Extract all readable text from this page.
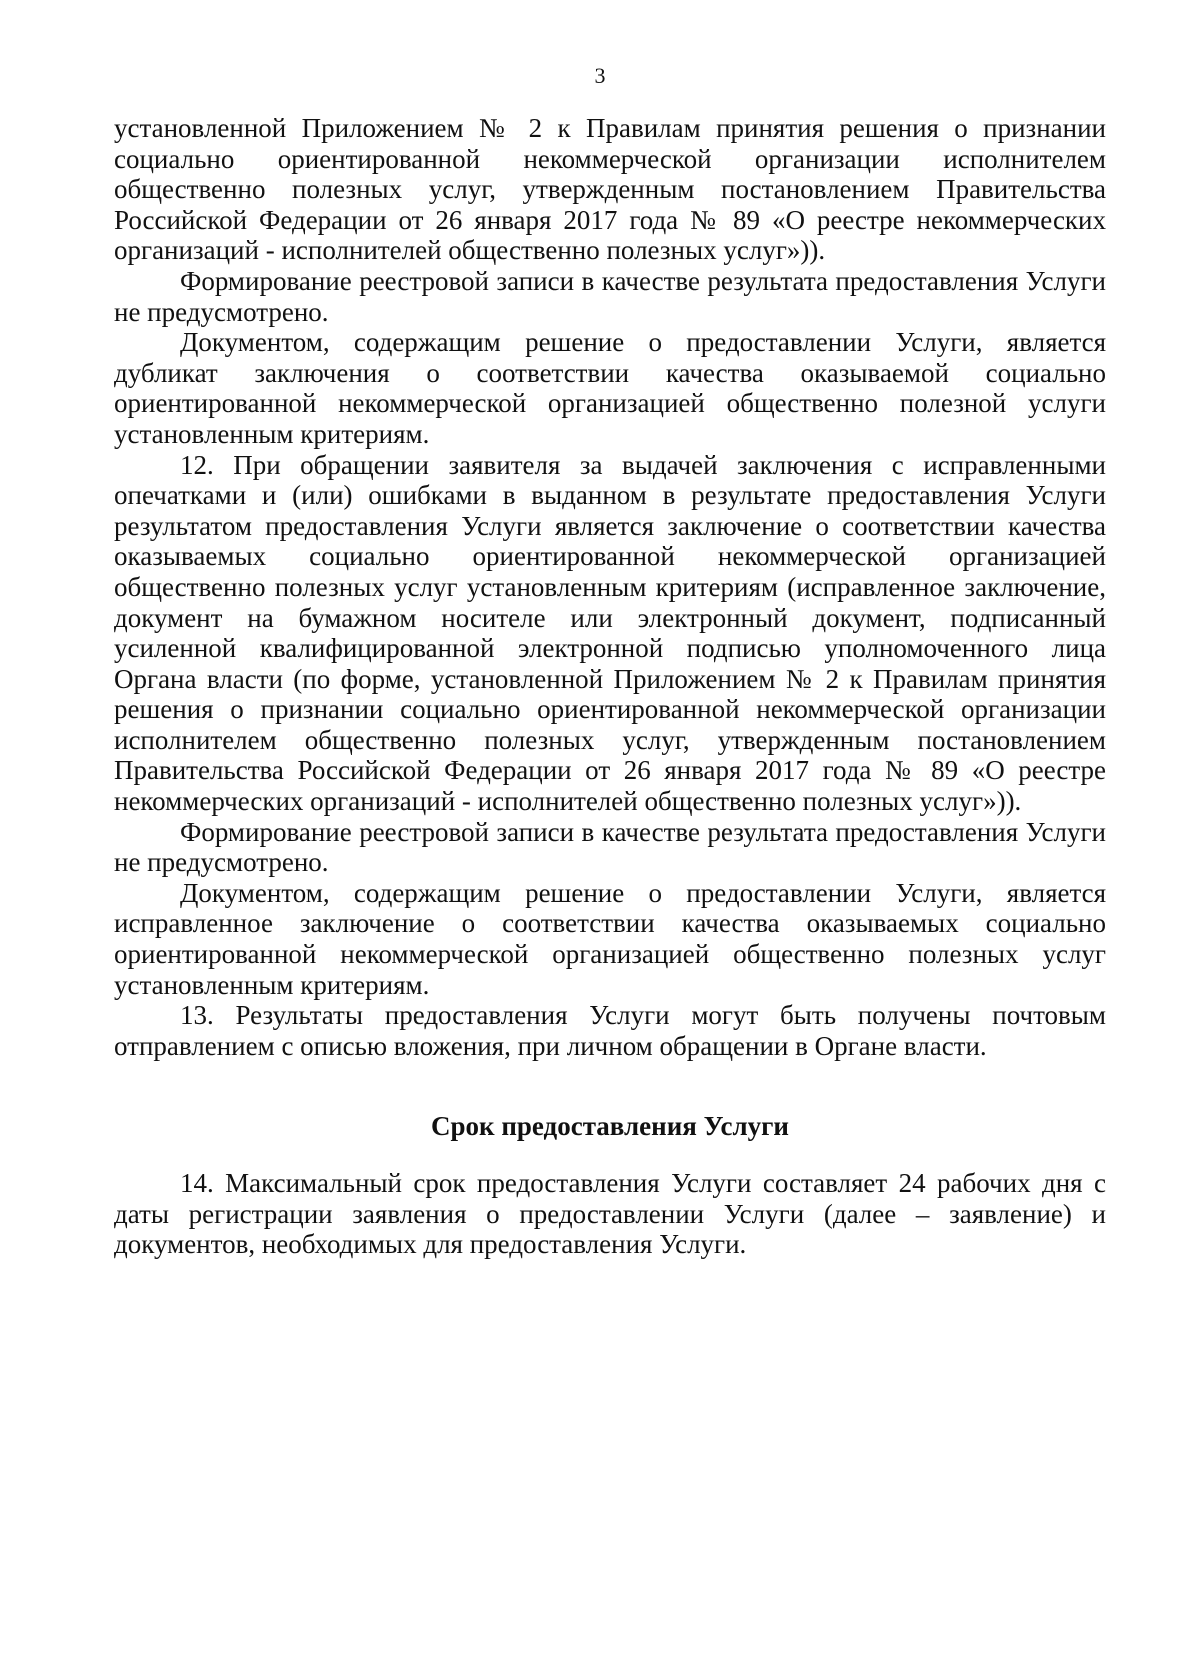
3

установленной Приложением № 2 к Правилам принятия решения о признании социально ориентированной некоммерческой организации исполнителем общественно полезных услуг, утвержденным постановлением Правительства Российской Федерации от 26 января 2017 года № 89 «О реестре некоммерческих организаций - исполнителей общественно полезных услуг»)).

Формирование реестровой записи в качестве результата предоставления Услуги не предусмотрено.

Документом, содержащим решение о предоставлении Услуги, является дубликат заключения о соответствии качества оказываемой социально ориентированной некоммерческой организацией общественно полезной услуги установленным критериям.

12. При обращении заявителя за выдачей заключения с исправленными опечатками и (или) ошибками в выданном в результате предоставления Услуги результатом предоставления Услуги является заключение о соответствии качества оказываемых социально ориентированной некоммерческой организацией общественно полезных услуг установленным критериям (исправленное заключение, документ на бумажном носителе или электронный документ, подписанный усиленной квалифицированной электронной подписью уполномоченного лица Органа власти (по форме, установленной Приложением № 2 к Правилам принятия решения о признании социально ориентированной некоммерческой организации исполнителем общественно полезных услуг, утвержденным постановлением Правительства Российской Федерации от 26 января 2017 года № 89 «О реестре некоммерческих организаций - исполнителей общественно полезных услуг»)).

Формирование реестровой записи в качестве результата предоставления Услуги не предусмотрено.

Документом, содержащим решение о предоставлении Услуги, является исправленное заключение о соответствии качества оказываемых социально ориентированной некоммерческой организацией общественно полезных услуг установленным критериям.

13. Результаты предоставления Услуги могут быть получены почтовым отправлением с описью вложения, при личном обращении в Органе власти.

Срок предоставления Услуги

14. Максимальный срок предоставления Услуги составляет 24 рабочих дня с даты регистрации заявления о предоставлении Услуги (далее – заявление) и документов, необходимых для предоставления Услуги.
